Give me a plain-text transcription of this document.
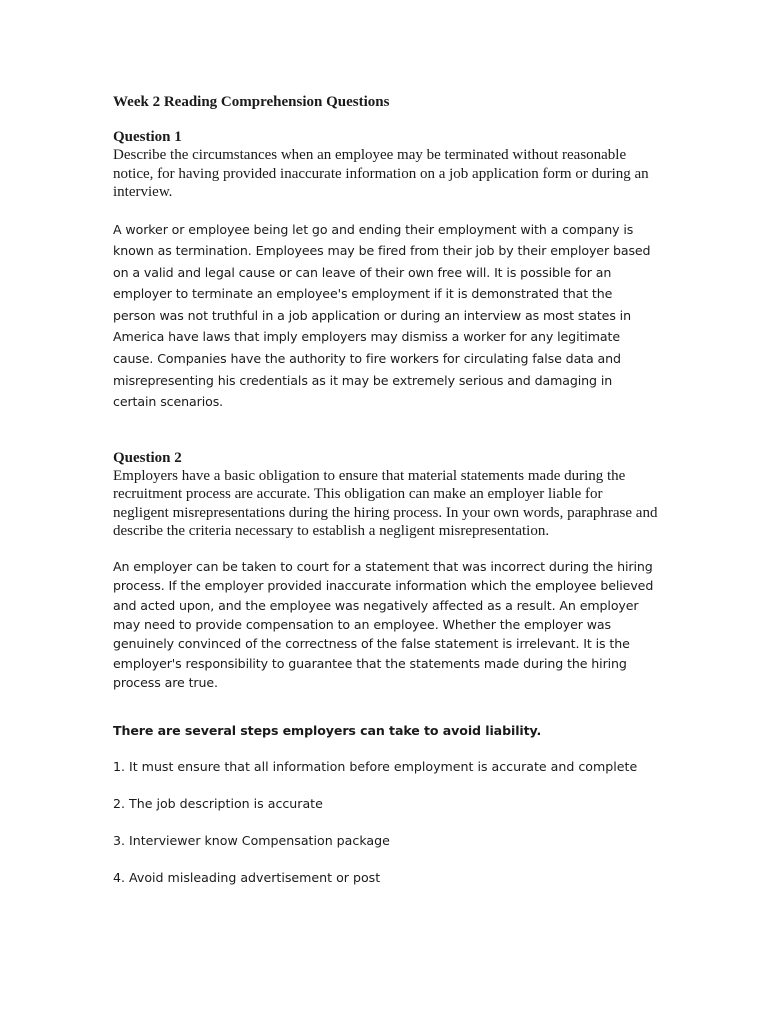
Week 2 Reading Comprehension Questions
Question 1

Describe the circumstances when an employee may be terminated without reasonable notice, for having provided inaccurate information on a job application form or during an interview.

A worker or employee being let go and ending their employment with a company is known as termination. Employees may be fired from their job by their employer based on a valid and legal cause or can leave of their own free will. It is possible for an employer to terminate an employee's employment if it is demonstrated that the person was not truthful in a job application or during an interview as most states in America have laws that imply employers may dismiss a worker for any legitimate cause. Companies have the authority to fire workers for circulating false data and misrepresenting his credentials as it may be extremely serious and damaging in certain scenarios.

Question 2

Employers have a basic obligation to ensure that material statements made during the recruitment process are accurate. This obligation can make an employer liable for negligent misrepresentations during the hiring process. In your own words, paraphrase and describe the criteria necessary to establish a negligent misrepresentation.

An employer can be taken to court for a statement that was incorrect during the hiring process. If the employer provided inaccurate information which the employee believed and acted upon, and the employee was negatively affected as a result. An employer may need to provide compensation to an employee. Whether the employer was genuinely convinced of the correctness of the false statement is irrelevant. It is the employer's responsibility to guarantee that the statements made during the hiring process are true.

There are several steps employers can take to avoid liability.

1. It must ensure that all information before employment is accurate and complete
2. The job description is accurate
3. Interviewer know Compensation package
4. Avoid misleading advertisement or post
